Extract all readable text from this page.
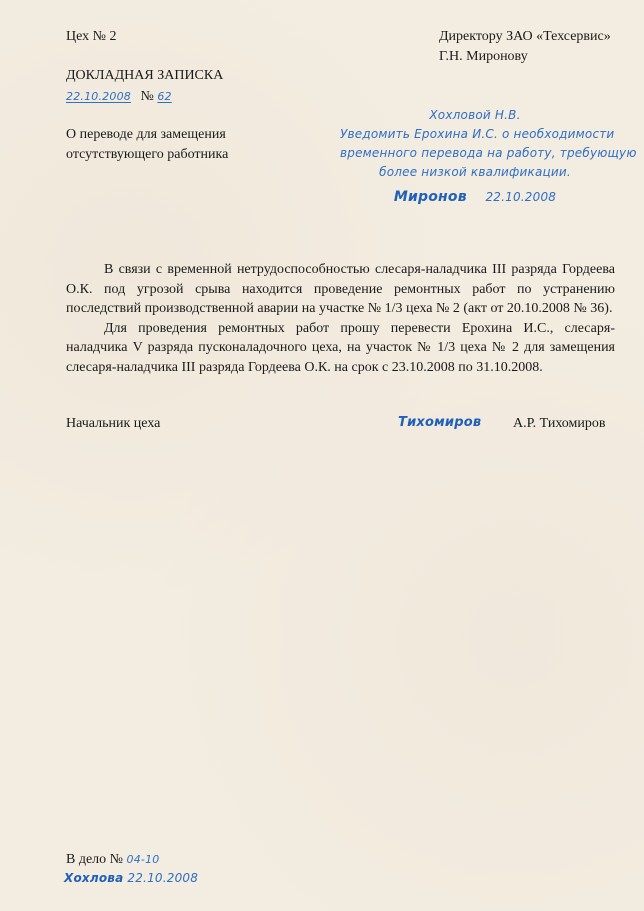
Цех № 2	Директору ЗАО «Техсервис»
Г.Н. Миронову
ДОКЛАДНАЯ ЗАПИСКА
22.10.2008 № 62
О переводе для замещения
отсутствующего работника
Хохловой Н.В.
Уведомить Ерохина И.С. о необходимости
временного перевода на работу, требующую
более низкой квалификации.
Миронов 22.10.2008

В связи с временной нетрудоспособностью слесаря-наладчика III разряда Гордеева О.К. под угрозой срыва находится проведение ремонтных работ по устранению последствий производственной аварии на участке № 1/3 цеха № 2 (акт от 20.10.2008 № 36).

Для проведения ремонтных работ прошу перевести Ерохина И.С., слесаря-наладчика V разряда пусконаладочного цеха, на участок № 1/3 цеха № 2 для замещения слесаря-наладчика III разряда Гордеева О.К. на срок с 23.10.2008 по 31.10.2008.

Начальник цеха	Тихомиров А.Р. Тихомиров
В дело № 04-10
Хохлова 22.10.2008
